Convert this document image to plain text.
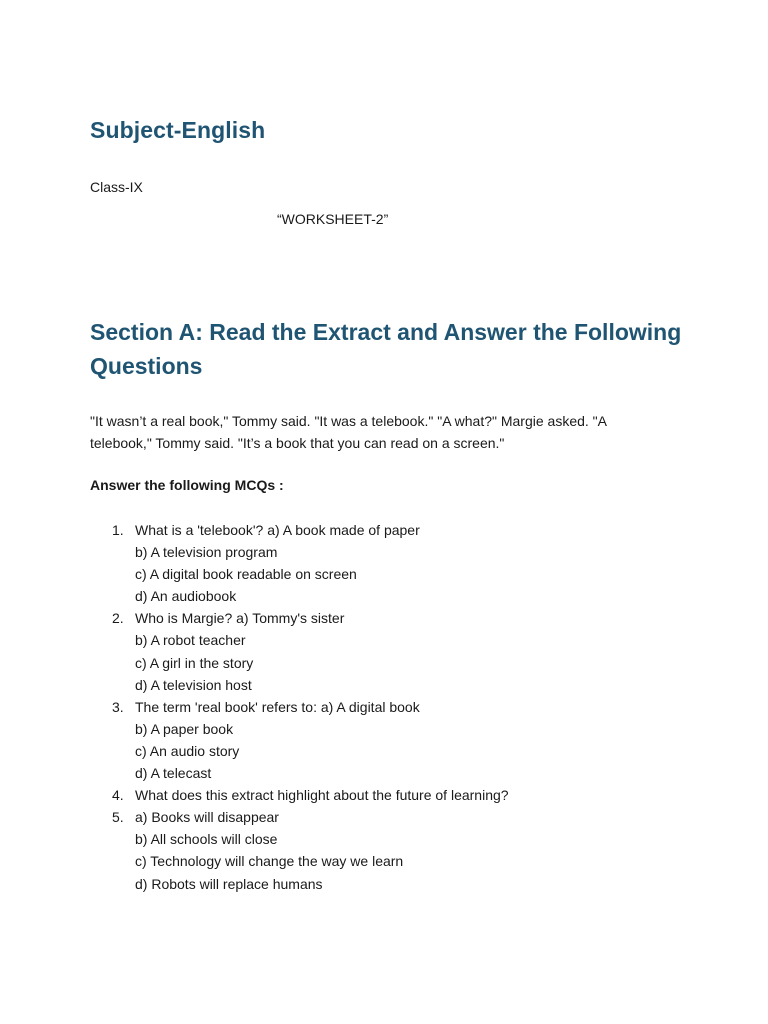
Subject-English

Class-IX

“WORKSHEET-2”

Section A: Read the Extract and Answer the Following Questions

"It wasn’t a real book," Tommy said. "It was a telebook." "A what?" Margie asked. "A telebook," Tommy said. "It’s a book that you can read on a screen."

Answer the following MCQs :

1. What is a 'telebook'? a) A book made of paper
b) A television program
c) A digital book readable on screen
d) An audiobook
2. Who is Margie? a) Tommy's sister
b) A robot teacher
c) A girl in the story
d) A television host
3. The term 'real book' refers to: a) A digital book
b) A paper book
c) An audio story
d) A telecast
4. What does this extract highlight about the future of learning?
5. a) Books will disappear
b) All schools will close
c) Technology will change the way we learn
d) Robots will replace humans
